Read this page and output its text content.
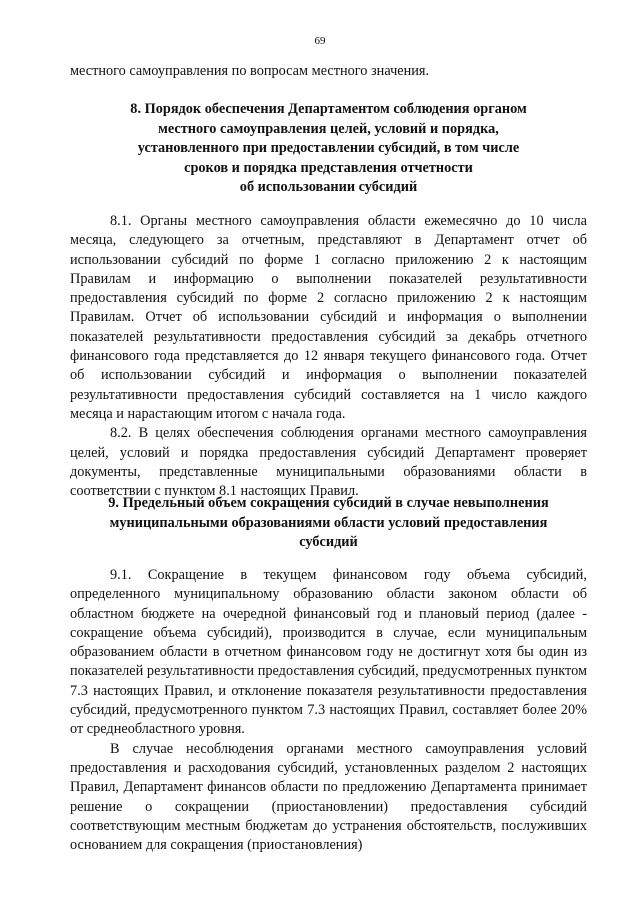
69

местного самоуправления по вопросам местного значения.

8. Порядок обеспечения Департаментом соблюдения органом
местного самоуправления целей, условий и порядка,
установленного при предоставлении субсидий, в том числе
сроков и порядка представления отчетности
об использовании субсидий

8.1. Органы местного самоуправления области ежемесячно до 10 числа месяца, следующего за отчетным, представляют в Департамент отчет об использовании субсидий по форме 1 согласно приложению 2 к настоящим Правилам и информацию о выполнении показателей результативности предоставления субсидий по форме 2 согласно приложению 2 к настоящим Правилам. Отчет об использовании субсидий и информация о выполнении показателей результативности предоставления субсидий за декабрь отчетного финансового года представляется до 12 января текущего финансового года. Отчет об использовании субсидий и информация о выполнении показателей результативности предоставления субсидий составляется на 1 число каждого месяца и нарастающим итогом с начала года.

8.2. В целях обеспечения соблюдения органами местного самоуправления целей, условий и порядка предоставления субсидий Департамент проверяет документы, представленные муниципальными образованиями области в соответствии с пунктом 8.1 настоящих Правил.

9. Предельный объем сокращения субсидий в случае невыполнения
муниципальными образованиями области условий предоставления
субсидий

9.1. Сокращение в текущем финансовом году объема субсидий, определенного муниципальному образованию области законом области об областном бюджете на очередной финансовый год и плановый период (далее - сокращение объема субсидий), производится в случае, если муниципальным образованием области в отчетном финансовом году не достигнут хотя бы один из показателей результативности предоставления субсидий, предусмотренных пунктом 7.3 настоящих Правил, и отклонение показателя результативности предоставления субсидий, предусмотренного пунктом 7.3 настоящих Правил, составляет более 20% от среднеобластного уровня.

В случае несоблюдения органами местного самоуправления условий предоставления и расходования субсидий, установленных разделом 2 настоящих Правил, Департамент финансов области по предложению Департамента принимает решение о сокращении (приостановлении) предоставления субсидий соответствующим местным бюджетам до устранения обстоятельств, послуживших основанием для сокращения (приостановления)
